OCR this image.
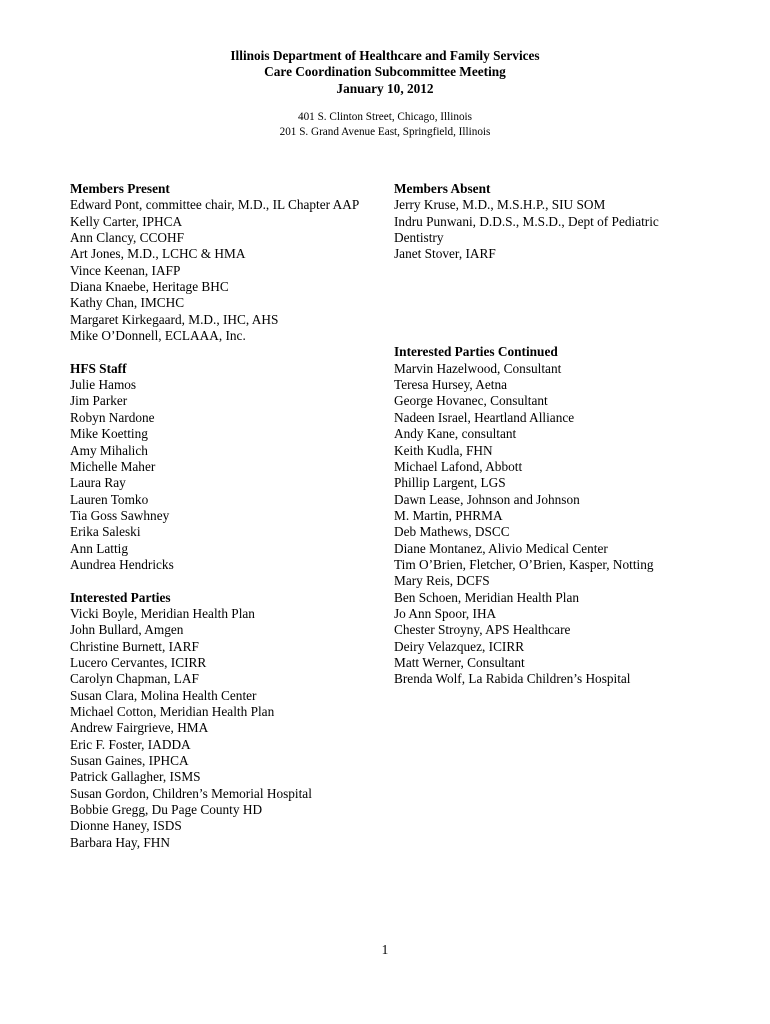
Illinois Department of Healthcare and Family Services
Care Coordination Subcommittee Meeting
January 10, 2012
401 S. Clinton Street, Chicago, Illinois
201 S. Grand Avenue East, Springfield, Illinois
Members Present
Edward Pont, committee chair, M.D., IL Chapter AAP
Kelly Carter, IPHCA
Ann Clancy, CCOHF
Art Jones, M.D., LCHC & HMA
Vince Keenan, IAFP
Diana Knaebe, Heritage BHC
Kathy Chan, IMCHC
Margaret Kirkegaard, M.D., IHC, AHS
Mike O’Donnell, ECLAAA, Inc.
HFS Staff
Julie Hamos
Jim Parker
Robyn Nardone
Mike Koetting
Amy Mihalich
Michelle Maher
Laura Ray
Lauren Tomko
Tia Goss Sawhney
Erika Saleski
Ann Lattig
Aundrea Hendricks
Interested Parties
Vicki Boyle, Meridian Health Plan
John Bullard, Amgen
Christine Burnett, IARF
Lucero Cervantes, ICIRR
Carolyn Chapman, LAF
Susan Clara, Molina Health Center
Michael Cotton, Meridian Health Plan
Andrew Fairgrieve, HMA
Eric F. Foster, IADDA
Susan Gaines, IPHCA
Patrick Gallagher, ISMS
Susan Gordon, Children’s Memorial Hospital
Bobbie Gregg, Du Page County HD
Dionne Haney, ISDS
Barbara Hay, FHN
Members Absent
Jerry Kruse, M.D., M.S.H.P., SIU SOM
Indru Punwani, D.D.S., M.S.D., Dept of Pediatric
Dentistry
Janet Stover, IARF
Interested Parties Continued
Marvin Hazelwood, Consultant
Teresa Hursey, Aetna
George Hovanec, Consultant
Nadeen Israel, Heartland Alliance
Andy Kane, consultant
Keith Kudla, FHN
Michael Lafond, Abbott
Phillip Largent, LGS
Dawn Lease, Johnson and Johnson
M. Martin, PHRMA
Deb Mathews, DSCC
Diane Montanez, Alivio Medical Center
Tim O’Brien, Fletcher, O’Brien, Kasper, Notting
Mary Reis, DCFS
Ben Schoen, Meridian Health Plan
Jo Ann Spoor, IHA
Chester Stroyny, APS Healthcare
Deiry Velazquez, ICIRR
Matt Werner, Consultant
Brenda Wolf, La Rabida Children’s Hospital
1
